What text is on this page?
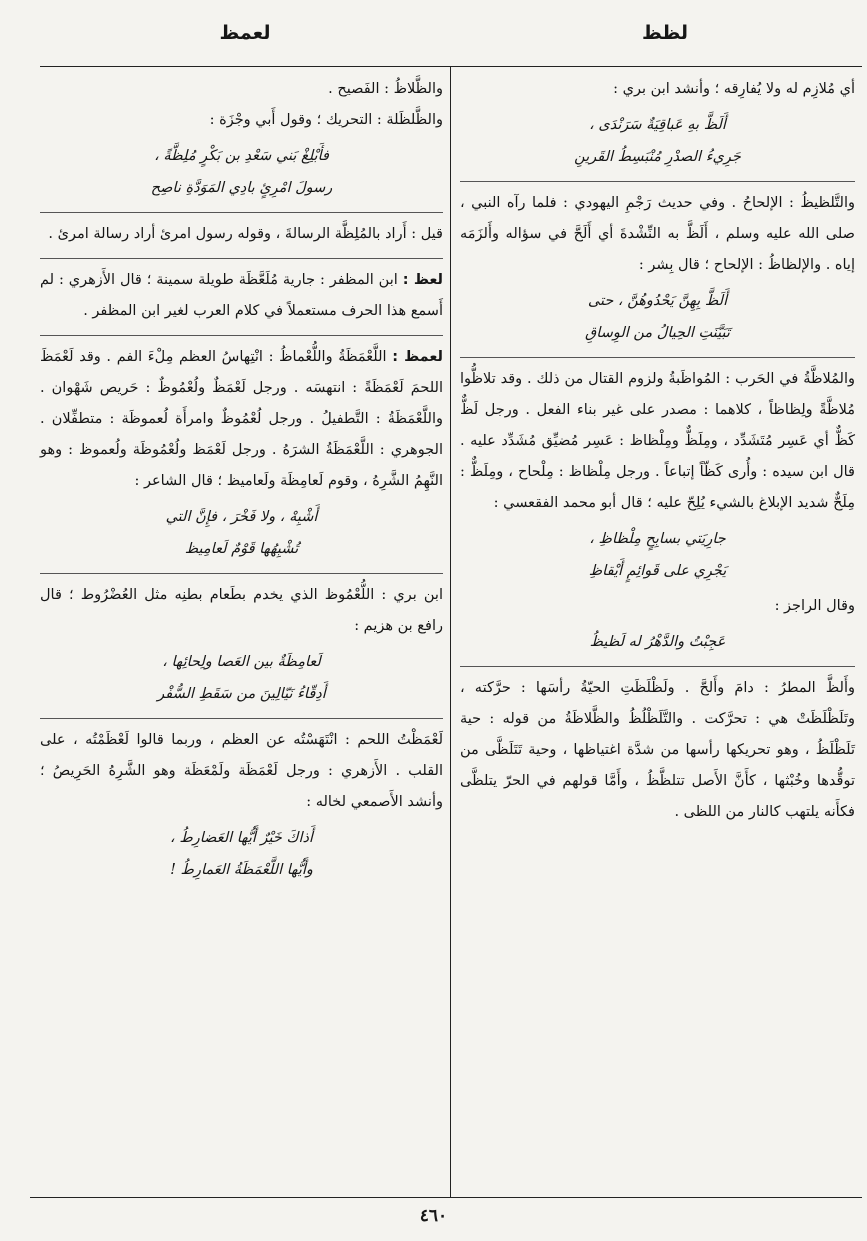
لظظ
لعمظ

أي مُلازِم له ولا يُفارِقه ؛ وأنشد ابن بري :

أَلَظَّ بهِ عَباقِيَةٌ سَرَنْدَى ،
جَرِيءُ الصدْرِ مُنْبَسِطُ القَرينِ

والتَّلظيظُ : الإلحاحُ . وفي حديث رَجْمِ اليهودي : فلما رآه النبي ، صلى الله عليه وسلم ، أَلَظَّ به النِّشْدةَ أي أَلَحَّ في سؤاله وأَلزَمَه إياه . والإلظاظُ : الإلحاح ؛ قال بِشر :

أَلَظَّ بِهِنَّ يَحْدُوهُنَّ ، حتى
تَبَيَّنَتِ الحِيالُ من الوِساقِ

والمُلاظَّةُ في الحَرب : المُواظَبةُ ولزوم القتال من ذلك . وقد تلاظُّوا مُلاظَّةً ولِظاظاً ، كلاهما : مصدر على غير بناء الفعل . ورجل لَظٌّ كَظٌّ أي عَسِر مُتَشَدِّد ، ومِلَظٌّ ومِلْظاظ : عَسِر مُضيِّق مُشَدِّد عليه . قال ابن سيده : وأُرى كَظّاً إتباعاً . ورجل مِلْظاظ : مِلْحاح ، ومِلَظٌّ : مِلَحٌّ شديد الإبلاغ بالشيء يُلِحّ عليه ؛ قال أبو محمد الفقعسي :

جارِيَتي بسابِحٍ مِلْظاظِ ،
يَجْرِي على قَوائِمٍ أَيْقاظِ

وقال الراجز :

عَجِبْتُ والدَّهْرُ له لَظيظُ

وأَلظَّ المطرُ : دامَ وأَلحَّ . ولَظْلَظَتِ الحيّةُ رأسَها : حرَّكته ، وتَلَظْلَظَتْ هي : تحرَّكت . والتَّلَظْلُظُ والظَّلاظَةُ من قوله : حية تَلَظْلَظُ ، وهو تحريكها رأسها من شدَّة اغتياظها ، وحية تَتَلَظَّى من توقُّدها وخُبْثها ، كأَنَّ الأَصل تتلظَّظُ ، وأَمَّا قولهم في الحرّ يتلظَّى فكأَنه يلتهب كالنار من اللظى .

والظَّلاظُ : الفَصيح .

والظَّلظَلة : التحريك ؛ وقول أَبي وجْزَة :

فأَبْلِغْ بَني سَعْدِ بن بَكْرٍ مُلِظَّةً ،
رسولَ امْرِئٍ بادِي المَوَدَّةِ ناصِح

قيل : أَراد بالمُلِظَّة الرسالةَ ، وقوله رسول امرئ أراد رسالة امرئ .

لعظ : ابن المظفر : جارية مُلَعَّظَة طويلة سمينة ؛ قال الأَزهري : لم أَسمع هذا الحرف مستعملاً في كلام العرب لغير ابن المظفر .

لعمظ : اللَّعْمَظَةُ واللُّعْماظُ : انْتِهاسُ العظم مِلْءَ الفم . وقد لَعْمَظَ اللحمَ لَعْمَظَةً : انتهسَه . ورجل لَعْمَظٌ ولُعْمُوظٌ : حَريص شَهْوان . واللَّعْمَظَةُ : التَّطفيلُ . ورجل لُعْمُوظٌ وامرأَة لُعموظَة : متطفِّلان . الجوهري : اللَّعْمَظَةُ الشرَهُ . ورجل لَعْمَظ ولُعْمُوظَة ولُعموظ : وهو النَّهِمُ الشَّرِهُ ، وقوم لَعامِظَة ولَعاميظ ؛ قال الشاعر :

أَشْبِهْ ، ولا فَخْرَ ، فإِنَّ التي
تُشْبِهُها قَوْمٌ لَعامِيظ

ابن بري : اللُّعْمُوظ الذي يخدم بطَعام بطنِه مثل العُضْرُوط ؛ قال رافع بن هزيم :

لَعامِظَةٌ بين العَصا ولِحائِها ،
أَدِقّاءُ نَيّالِينَ من سَقَطِ السُّفْر

لَعْمَظْتُ اللحم : انْتَهَسْتُه عن العظم ، وربما قالوا لَعْظَمْتُه ، على القلب . الأَزهري : ورجل لَعْمَظَة ولَمْعَظَة وهو الشَّرِهُ الحَرِيصُ ؛ وأنشد الأَصمعي لخاله :

أَذاكَ خَيْرٌ أَيُّها العَضارِطُ ،
وأَيُّها اللَّعْمَظَةُ العَمارِطُ !
٤٦٠
